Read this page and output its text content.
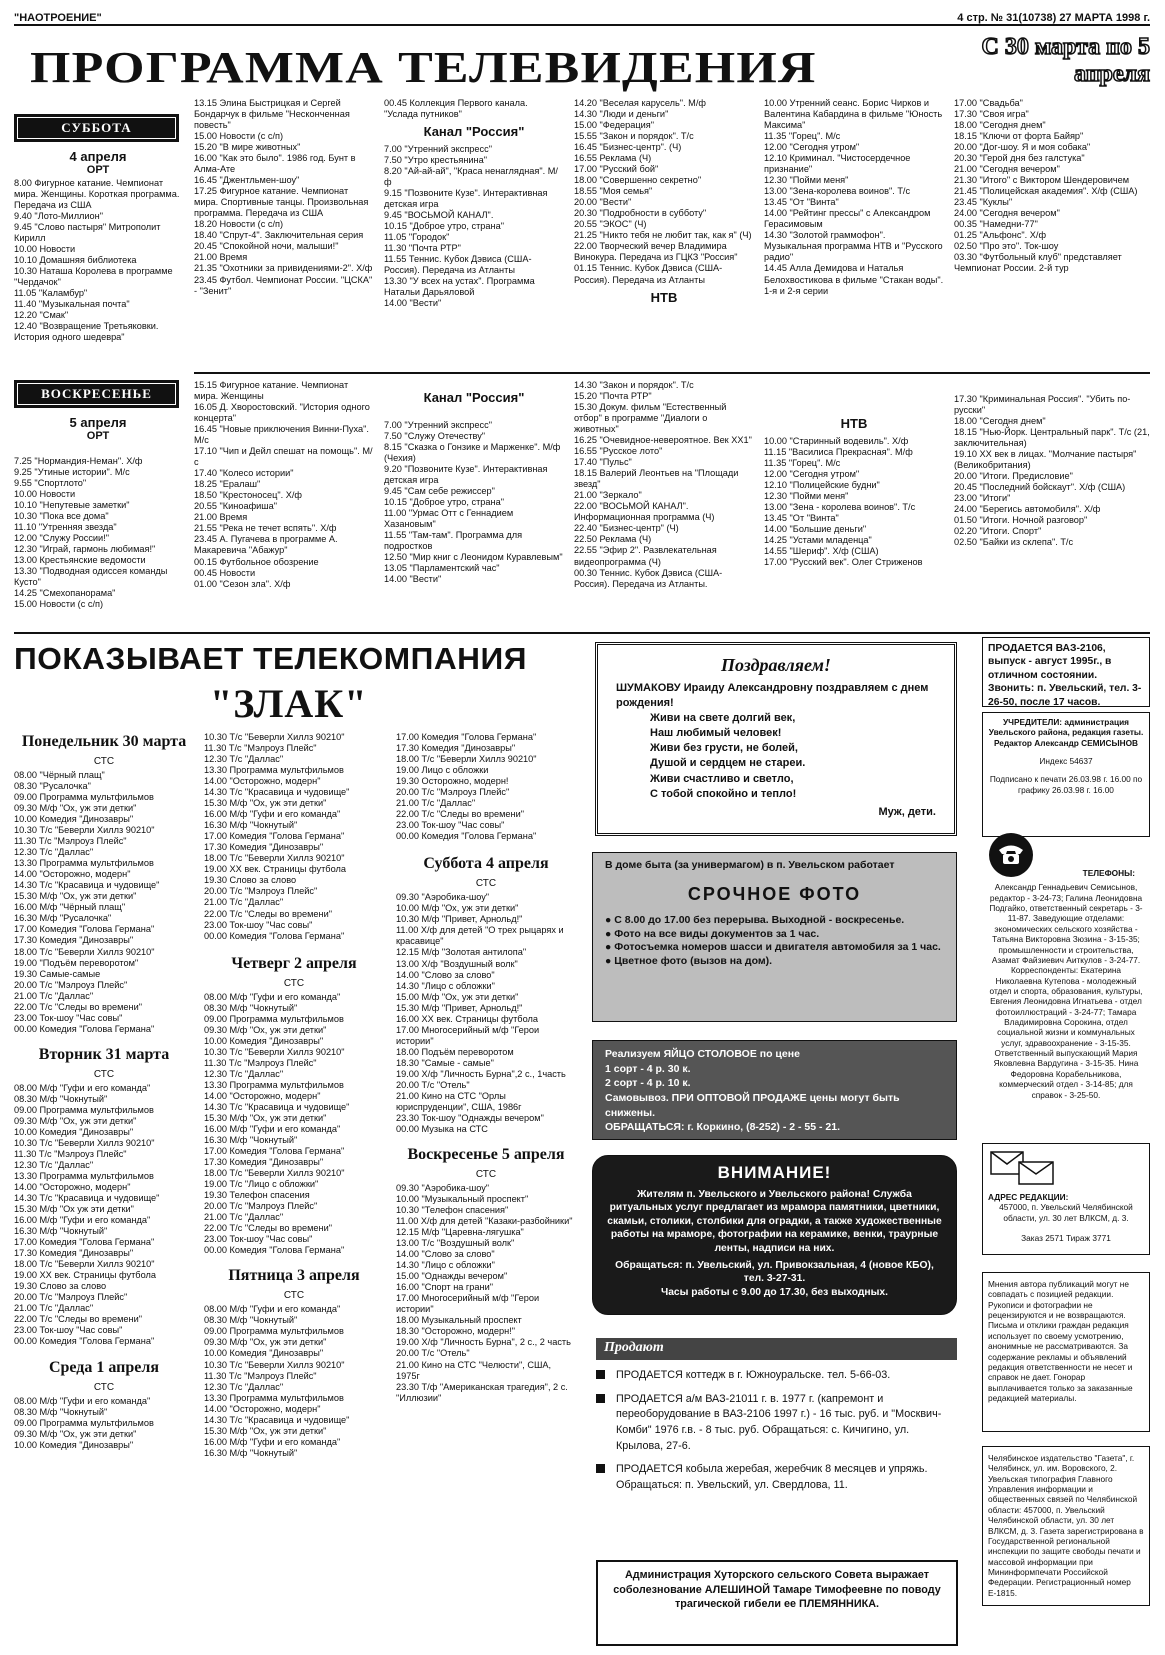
"НАОТРОЕНИЕ"	4 стр. № 31(10738) 27 МАРТА 1998 г.
ПРОГРАММА ТЕЛЕВИДЕНИЯ	С 30 марта по 5 апреля
СУББОТА
4 апреля
ОРТ

8.00 Фигурное катание. Чемпионат мира. Женщины. Короткая программа. Передача из США

9.40 "Лото-Миллион"

9.45 "Слово пастыря" Митрополит Кирилл

10.00 Новости

10.10 Домашняя библиотека

10.30 Наташа Королева в программе "Чердачок"

11.05 "Каламбур"

11.40 "Музыкальная почта"

12.20 "Смак"

12.40 "Возвращение Третьяковки. История одного шедевра"

13.15 Элина Быстрицкая и Сергей Бондарчук в фильме "Несконченная повесть"

15.00 Новости (с с/п)

15.20 "В мире животных"

16.00 "Как это было". 1986 год. Бунт в Алма-Ате

16.45 "Джентльмен-шоу"

17.25 Фигурное катание. Чемпионат мира. Спортивные танцы. Произвольная программа. Передача из США

18.20 Новости (с с/п)

18.40 "Спрут-4". Заключительная серия

20.45 "Спокойной ночи, малыши!"

21.00 Время

21.35 "Охотники за привидениями-2". Х/ф

23.45 Футбол. Чемпионат России. "ЦСКА" - "Зенит"

00.45 Коллекция Первого канала. "Услада путников"

Канал "Россия"

7.00 "Утренний экспресс"

7.50 "Утро крестьянина"

8.20 "Ай-ай-ай", "Краса ненаглядная". М/ф

9.15 "Позвоните Кузе". Интерактивная детская игра

9.45 "ВОСЬМОЙ КАНАЛ".

10.15 "Доброе утро, страна"

11.05 "Городок"

11.30 "Почта РТР"

11.55 Теннис. Кубок Дэвиса (США-Россия). Передача из Атланты

13.30 "У всех на устах". Программа Натальи Дарьяловой

14.00 "Вести"

14.20 "Веселая карусель". М/ф

14.30 "Люди и деньги"

15.00 "Федерация"

15.55 "Закон и порядок". Т/с

16.45 "Бизнес-центр". (Ч)

16.55 Реклама (Ч)

17.00 "Русский бой"

18.00 "Совершенно секретно"

18.55 "Моя семья"

20.00 "Вести"

20.30 "Подробности в субботу"

20.55 "ЭКОС" (Ч)

21.25 "Никто тебя не любит так, как я" (Ч)

22.00 Творческий вечер Владимира Винокура. Передача из ГЦКЗ "Россия"

01.15 Теннис. Кубок Дэвиса (США-Россия). Передача из Атланты

НТВ

10.00 Утренний сеанс. Борис Чирков и Валентина Кабардина в фильме "Юность Максима"

11.35 "Горец". М/с

12.00 "Сегодня утром"

12.10 Криминал. "Чистосердечное признание"

12.30 "Пойми меня"

13.00 "Зена-королева воинов". Т/с

13.45 "От "Винта"

14.00 "Рейтинг прессы" с Александром Герасимовым

14.30 "Золотой граммофон". Музыкальная программа НТВ и "Русского радио"

14.45 Алла Демидова и Наталья Белохвостикова в фильме "Стакан воды". 1-я и 2-я серии

17.00 "Свадьба"

17.30 "Своя игра"

18.00 "Сегодня днем"

18.15 "Ключи от форта Байяр"

20.00 "Дог-шоу. Я и моя собака"

20.30 "Герой дня без галстука"

21.00 "Сегодня вечером"

21.30 "Итого" с Виктором Шендеровичем

21.45 "Полицейская академия". Х/ф (США)

23.45 "Куклы"

24.00 "Сегодня вечером"

00.35 "Намедни-77"

01.25 "Альфонс". Х/ф

02.50 "Про это". Ток-шоу

03.30 "Футбольный клуб" представляет Чемпионат России. 2-й тур

ВОСКРЕСЕНЬЕ
5 апреля
ОРТ

7.25 "Нормандия-Неман". Х/ф

9.25 "Утиные истории". М/с

9.55 "Спортлото"

10.00 Новости

10.10 "Непутевые заметки"

10.30 "Пока все дома"

11.10 "Утренняя звезда"

12.00 "Служу России!"

12.30 "Играй, гармонь любимая!"

13.00 Крестьянские ведомости

13.30 "Подводная одиссея команды Кусто"

14.25 "Смехопанорама"

15.00 Новости (с с/п)

15.15 Фигурное катание. Чемпионат мира. Женщины

16.05 Д. Хворостовский. "История одного концерта"

16.45 "Новые приключения Винни-Пуха". М/с

17.10 "Чип и Дейл спешат на помощь". М/с

17.40 "Колесо истории"

18.25 "Ералаш"

18.50 "Крестоносец". Х/ф

20.55 "Киноафиша"

21.00 Время

21.55 "Река не течет вспять". Х/ф

23.45 А. Пугачева в программе А. Макаревича "Абажур"

00.15 Футбольное обозрение

00.45 Новости

01.00 "Сезон зла". Х/ф

Канал "Россия"

7.00 "Утренний экспресс"

7.50 "Служу Отечеству"

8.15 "Сказка о Гонзике и Марженке". М/ф (Чехия)

9.20 "Позвоните Кузе". Интерактивная детская игра

9.45 "Сам себе режиссер"

10.15 "Доброе утро, страна"

11.00 "Урмас Отт с Геннадием Хазановым"

11.55 "Там-там". Программа для подростков

12.50 "Мир книг с Леонидом Куравлевым"

13.05 "Парламентский час"

14.00 "Вести"

14.30 "Закон и порядок". Т/с

15.20 "Почта РТР"

15.30 Докум. фильм "Естественный отбор" в программе "Диалоги о животных"

16.25 "Очевидное-невероятное. Век ХХ1"

16.55 "Русское лото"

17.40 "Пульс"

18.15 Валерий Леонтьев на "Площади звезд"

21.00 "Зеркало"

22.00 "ВОСЬМОЙ КАНАЛ". Информационная программа (Ч)

22.40 "Бизнес-центр" (Ч)

22.50 Реклама (Ч)

22.55 "Эфир 2". Развлекательная видеопрограмма (Ч)

00.30 Теннис. Кубок Дэвиса (США-Россия). Передача из Атланты.

НТВ

10.00 "Старинный водевиль". Х/ф

11.15 "Василиса Прекрасная". М/ф

11.35 "Горец". М/с

12.00 "Сегодня утром"

12.10 "Полицейские будни"

12.30 "Пойми меня"

13.00 "Зена - королева воинов". Т/с

13.45 "От "Винта"

14.00 "Большие деньги"

14.25 "Устами младенца"

14.55 "Шериф". Х/ф (США)

17.00 "Русский век". Олег Стриженов

17.30 "Криминальная Россия". "Убить по-русски"

18.00 "Сегодня днем"

18.15 "Нью-Йорк. Центральный парк". Т/с (21, заключительная)

19.10 ХХ век в лицах. "Молчание пастыря" (Великобритания)

20.00 "Итоги. Предисловие"

20.45 "Последний бойскаут". Х/ф (США)

23.00 "Итоги"

24.00 "Берегись автомобиля". Х/ф

01.50 "Итоги. Ночной разговор"

02.20 "Итоги. Спорт"

02.50 "Байки из склепа". Т/с

ПОКАЗЫВАЕТ ТЕЛЕКОМПАНИЯ
"ЗЛАК"
Понедельник 30 марта
СТС

08.00 "Чёрный плащ"

08.30 "Русалочка"

09.00 Программа мультфильмов

09.30 М/ф "Ох, уж эти детки"

10.00 Комедия "Динозавры"

10.30 Т/с "Беверли Хиллз 90210"

11.30 Т/с "Мэлроуз Плейс"

12.30 Т/с "Даллас"

13.30 Программа мультфильмов

14.00 "Осторожно, модерн"

14.30 Т/с "Красавица и чудовище"

15.30 М/ф "Ох, уж эти детки"

16.00 М/ф "Чёрный плащ"

16.30 М/ф "Русалочка"

17.00 Комедия "Голова Германа"

17.30 Комедия "Динозавры"

18.00 Т/с "Беверли Хиллз 90210"

19.00 "Подъём переворотом"

19.30 Самые-самые

20.00 Т/с "Мэлроуз Плейс"

21.00 Т/с "Даллас"

22.00 Т/с "Следы во времени"

23.00 Ток-шоу "Час совы"

00.00 Комедия "Голова Германа"

Вторник 31 марта
СТС

08.00 М/ф "Гуфи и его команда"

08.30 М/ф "Чокнутый"

09.00 Программа мультфильмов

09.30 М/ф "Ох, уж эти детки"

10.00 Комедия "Динозавры"

10.30 Т/с "Беверли Хиллз 90210"

11.30 Т/с "Мэлроуз Плейс"

12.30 Т/с "Даллас"

13.30 Программа мультфильмов

14.00 "Осторожно, модерн"

14.30 Т/с "Красавица и чудовище"

15.30 М/ф "Ох уж эти детки"

16.00 М/ф "Гуфи и его команда"

16.30 М/ф "Чокнутый"

17.00 Комедия "Голова Германа"

17.30 Комедия "Динозавры"

18.00 Т/с "Беверли Хиллз 90210"

19.00 ХХ век. Страницы футбола

19.30 Слово за слово

20.00 Т/с "Мэлроуз Плейс"

21.00 Т/с "Даллас"

22.00 Т/с "Следы во времени"

23.00 Ток-шоу "Час совы"

00.00 Комедия "Голова Германа"

Среда 1 апреля
СТС

08.00 М/ф "Гуфи и его команда"

08.30 М/ф "Чокнутый"

09.00 Программа мультфильмов

09.30 М/ф "Ох, уж эти детки"

10.00 Комедия "Динозавры"

10.30 Т/с "Беверли Хиллз 90210"

11.30 Т/с "Мэлроуз Плейс"

12.30 Т/с "Даллас"

13.30 Программа мультфильмов

14.00 "Осторожно, модерн"

14.30 Т/с "Красавица и чудовище"

15.30 М/ф "Ох, уж эти детки"

16.00 М/ф "Гуфи и его команда"

16.30 М/ф "Чокнутый"

17.00 Комедия "Голова Германа"

17.30 Комедия "Динозавры"

18.00 Т/с "Беверли Хиллз 90210"

19.00 ХХ век. Страницы футбола

19.30 Слово за слово

20.00 Т/с "Мэлроуз Плейс"

21.00 Т/с "Даллас"

22.00 Т/с "Следы во времени"

23.00 Ток-шоу "Час совы"

00.00 Комедия "Голова Германа"

Четверг 2 апреля
СТС

08.00 М/ф "Гуфи и его команда"

08.30 М/ф "Чокнутый"

09.00 Программа мультфильмов

09.30 М/ф "Ох, уж эти детки"

10.00 Комедия "Динозавры"

10.30 Т/с "Беверли Хиллз 90210"

11.30 Т/с "Мэлроуз Плейс"

12.30 Т/с "Даллас"

13.30 Программа мультфильмов

14.00 "Осторожно, модерн"

14.30 Т/с "Красавица и чудовище"

15.30 М/ф "Ох, уж эти детки"

16.00 М/ф "Гуфи и его команда"

16.30 М/ф "Чокнутый"

17.00 Комедия "Голова Германа"

17.30 Комедия "Динозавры"

18.00 Т/с "Беверли Хиллз 90210"

19.00 Т/с "Лицо с обложки"

19.30 Телефон спасения

20.00 Т/с "Мэлроуз Плейс"

21.00 Т/с "Даллас"

22.00 Т/с "Следы во времени"

23.00 Ток-шоу "Час совы"

00.00 Комедия "Голова Германа"

Пятница 3 апреля
СТС

08.00 М/ф "Гуфи и его команда"

08.30 М/ф "Чокнутый"

09.00 Программа мультфильмов

09.30 М/ф "Ох, уж эти детки"

10.00 Комедия "Динозавры"

10.30 Т/с "Беверли Хиллз 90210"

11.30 Т/с "Мэлроуз Плейс"

12.30 Т/с "Даллас"

13.30 Программа мультфильмов

14.00 "Осторожно, модерн"

14.30 Т/с "Красавица и чудовище"

15.30 М/ф "Ох, уж эти детки"

16.00 М/ф "Гуфи и его команда"

16.30 М/ф "Чокнутый"

17.00 Комедия "Голова Германа"

17.30 Комедия "Динозавры"

18.00 Т/с "Беверли Хиллз 90210"

19.00 Лицо с обложки

19.30 Осторожно, модерн!

20.00 Т/с "Мэлроуз Плейс"

21.00 Т/с "Даллас"

22.00 Т/с "Следы во времени"

23.00 Ток-шоу "Час совы"

00.00 Комедия "Голова Германа"

Суббота 4 апреля
СТС

09.30 "Аэробика-шоу"

10.00 М/ф "Ох, уж эти детки"

10.30 М/ф "Привет, Арнольд!"

11.00 Х/ф для детей "О трех рыцарях и красавице"

12.15 М/ф "Золотая антилопа"

13.00 Х/ф "Воздушный волк"

14.00 "Слово за слово"

14.30 "Лицо с обложки"

15.00 М/ф "Ох, уж эти детки"

15.30 М/ф "Привет, Арнольд!"

16.00 ХХ век. Страницы футбола

17.00 Многосерийный м/ф "Герои истории"

18.00 Подъём переворотом

18.30 "Самые - самые"

19.00 Х/ф "Личность Бурна",2 с., 1часть

20.00 Т/с "Отель"

21.00 Кино на СТС "Орлы юриспруденции", США, 1986г

23.30 Ток-шоу "Однажды вечером"

00.00 Музыка на СТС

Воскресенье 5 апреля
СТС

09.30 "Аэробика-шоу"

10.00 "Музыкальный проспект"

10.30 "Телефон спасения"

11.00 Х/ф для детей "Казаки-разбойники"

12.15 М/ф "Царевна-лягушка"

13.00 Т/с "Воздушный волк"

14.00 "Слово за слово"

14.30 "Лицо с обложки"

15.00 "Однажды вечером"

16.00 "Спорт на грани"

17.00 Многосерийный м/ф "Герои истории"

18.00 Музыкальный проспект

18.30 "Осторожно, модерн!"

19.00 Х/ф "Личность Бурна", 2 с., 2 часть

20.00 Т/с "Отель"

21.00 Кино на СТС "Челюсти", США, 1975г

23.30 Т/ф "Американская трагедия", 2 с. "Иллюзии"

Поздравляем!
ШУМАКОВУ Ираиду Александровну поздравляем с днем рождения!

Живи на свете долгий век,

Наш любимый человек!

Живи без грусти, не болей,

Душой и сердцем не стареи.

Живи счастливо и светло,

С тобой спокойно и тепло!

Муж, дети.
В доме быта (за универмагом) в п. Увельском работает
СРОЧНОЕ ФОТО

● С 8.00 до 17.00 без перерыва. Выходной - воскресенье.

● Фото на все виды документов за 1 час.

● Фотосъемка номеров шасси и двигателя автомобиля за 1 час.

● Цветное фото (вызов на дом).

Реализуем ЯЙЦО СТОЛОВОЕ по цене

1 сорт - 4 р. 30 к.

2 сорт - 4 р. 10 к.

Самовывоз. ПРИ ОПТОВОЙ ПРОДАЖЕ цены могут быть снижены.

ОБРАЩАТЬСЯ: г. Коркино, (8-252) - 2 - 55 - 21.

ВНИМАНИЕ!
Жителям п. Увельского и Увельского района! Служба ритуальных услуг предлагает из мрамора памятники, цветники, скамьи, столики, столбики для оградки, а также художественные работы на мраморе, фотографии на керамике, венки, траурные ленты, надписи на них.
Обращаться: п. Увельский, ул. Привокзальная, 4 (новое КБО), тел. 3-27-31.
Часы работы с 9.00 до 17.30, без выходных.
Продают
ПРОДАЕТСЯ коттедж в г. Южноуральске. тел. 5-66-03.
ПРОДАЕТСЯ а/м ВАЗ-21011 г. в. 1977 г. (капремонт и переоборудование в ВАЗ-2106 1997 г.) - 16 тыс. руб. и "Москвич-Комби" 1976 г.в. - 8 тыс. руб. Обращаться: с. Кичигино, ул. Крылова, 27-6.
ПРОДАЕТСЯ кобыла жеребая, жеребчик 8 месяцев и упряжь. Обращаться: п. Увельский, ул. Свердлова, 11.
Администрация Хуторского сельского Совета выражает соболезнование АЛЕШИНОЙ Тамаре Тимофеевне по поводу трагической гибели ее ПЛЕМЯННИКА.
ПРОДАЕТСЯ ВАЗ-2106, выпуск - август 1995г., в отличном состоянии. Звонить: п. Увельский, тел. 3-26-50, после 17 часов.
УЧРЕДИТЕЛИ: администрация Увельского района, редакция газеты. Редактор Александр СЕМИСЫНОВ
Индекс 54637
Подписано к печати 26.03.98 г. 16.00 по графику 26.03.98 г. 16.00
ТЕЛЕФОНЫ:
Александр Геннадьевич Семисынов, редактор - 3-24-73; Галина Леонидовна Подгайко, ответственный секретарь - 3-11-87. Заведующие отделами: экономических сельского хозяйства - Татьяна Викторовна Зюзина - 3-15-35; промышленности и строительства, Азамат Файзиевич Аиткулов - 3-24-77. Корреспонденты: Екатерина Николаевна Кутепова - молодежный отдел и спорта, образования, культуры, Евгения Леонидовна Игнатьева - отдел фотоиллюстраций - 3-24-77; Тамара Владимировна Сорокина, отдел социальной жизни и коммунальных услуг, здравоохранение - 3-15-35. Ответственный выпускающий Мария Яковлевна Вардугина - 3-15-35. Нина Федоровна Корабельникова, коммерческий отдел - 3-14-85; для справок - 3-25-50.
АДРЕС РЕДАКЦИИ:
457000, п. Увельский Челябинской области, ул. 30 лет ВЛКСМ, д. 3.
Заказ 2571 Тираж 3771
Мнения автора публикаций могут не совпадать с позицией редакции. Рукописи и фотографии не рецензируются и не возвращаются. Письма и отклики граждан редакция использует по своему усмотрению, анонимные не рассматриваются. За содержание рекламы и объявлений редакция ответственности не несет и справок не дает. Гонорар выплачивается только за заказанные редакцией материалы.
Челябинское издательство "Газета", г. Челябинск, ул. им. Воровского, 2. Увельская типография Главного Управления информации и общественных связей по Челябинской области: 457000, п. Увельский Челябинской области, ул. 30 лет ВЛКСМ, д. 3. Газета зарегистрирована в Государственной региональной инспекции по защите свободы печати и массовой информации при Мининформпечати Российской Федерации. Регистрационный номер Е-1815.
